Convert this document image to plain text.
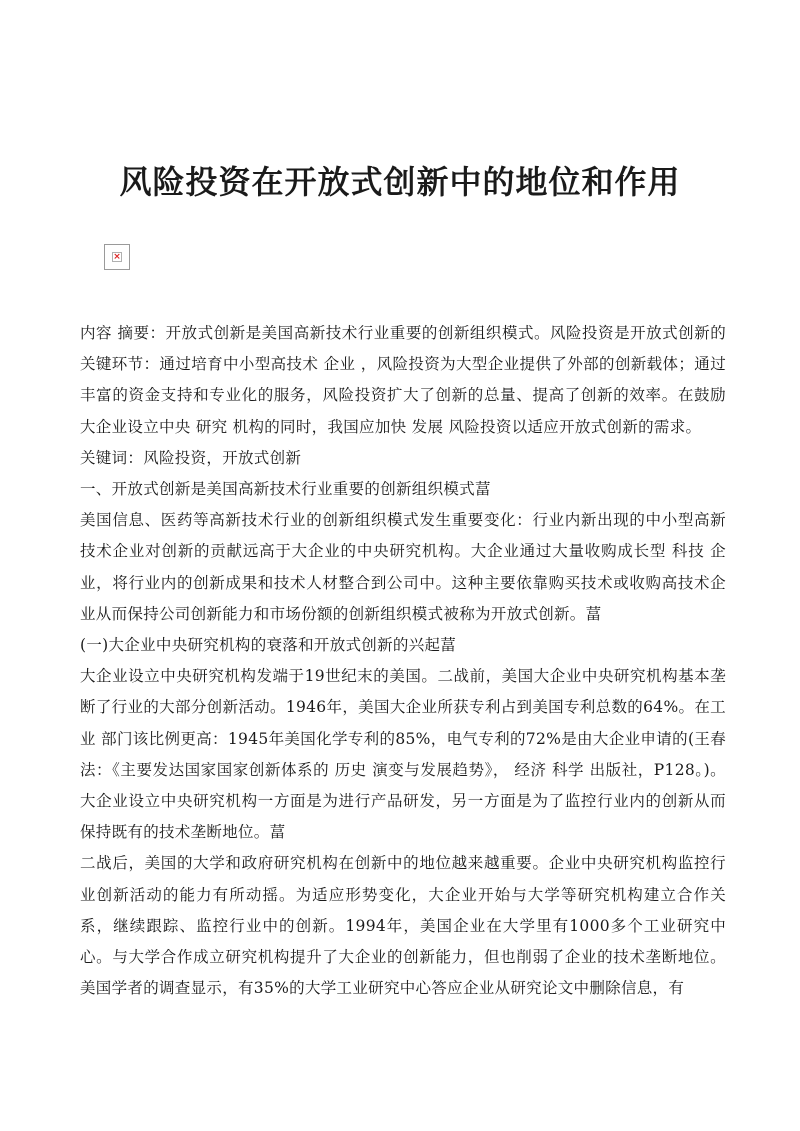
风险投资在开放式创新中的地位和作用
×

内容 摘要：开放式创新是美国高新技术行业重要的创新组织模式。风险投资是开放式创新的关键环节：通过培育中小型高技术 企业 ，风险投资为大型企业提供了外部的创新载体；通过丰富的资金支持和专业化的服务，风险投资扩大了创新的总量、提高了创新的效率。在鼓励大企业设立中央 研究 机构的同时，我国应加快 发展 风险投资以适应开放式创新的需求。

关键词：风险投资，开放式创新

一、开放式创新是美国高新技术行业重要的创新组织模式葍

美国信息、医药等高新技术行业的创新组织模式发生重要变化：行业内新出现的中小型高新技术企业对创新的贡献远高于大企业的中央研究机构。大企业通过大量收购成长型 科技 企业，将行业内的创新成果和技术人材整合到公司中。这种主要依靠购买技术或收购高技术企业从而保持公司创新能力和市场份额的创新组织模式被称为开放式创新。葍

(一)大企业中央研究机构的衰落和开放式创新的兴起葍

大企业设立中央研究机构发端于19世纪末的美国。二战前，美国大企业中央研究机构基本垄断了行业的大部分创新活动。1946年，美国大企业所获专利占到美国专利总数的64%。在工业 部门该比例更高：1945年美国化学专利的85%，电气专利的72%是由大企业申请的(王春法：《主要发达国家国家创新体系的 历史 演变与发展趋势》， 经济 科学 出版社，P128。)。大企业设立中央研究机构一方面是为进行产品研发，另一方面是为了监控行业内的创新从而保持既有的技术垄断地位。葍

二战后，美国的大学和政府研究机构在创新中的地位越来越重要。企业中央研究机构监控行业创新活动的能力有所动摇。为适应形势变化，大企业开始与大学等研究机构建立合作关系，继续跟踪、监控行业中的创新。1994年，美国企业在大学里有1000多个工业研究中心。与大学合作成立研究机构提升了大企业的创新能力，但也削弱了企业的技术垄断地位。美国学者的调查显示，有35%的大学工业研究中心答应企业从研究论文中删除信息，有
